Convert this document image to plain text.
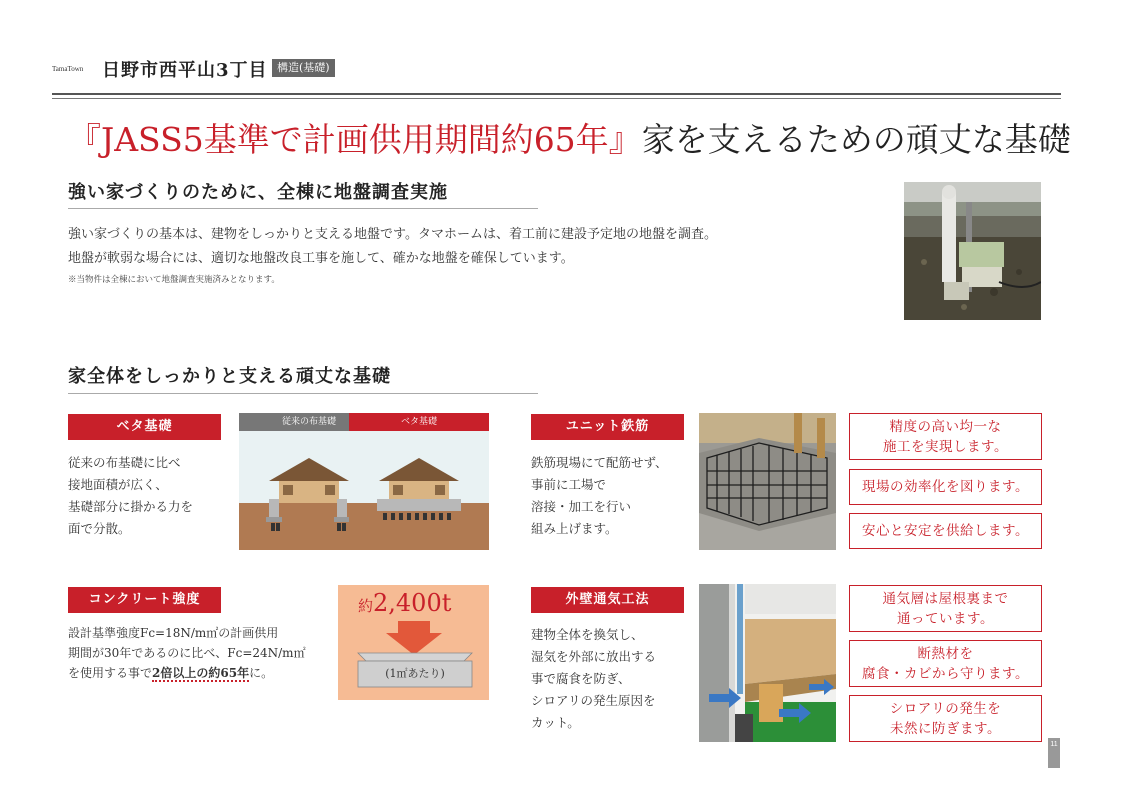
TamaTown 日野市西平山3丁目 構造(基礎)
『JASS5基準で計画供用期間約65年』家を支えるための頑丈な基礎
強い家づくりのために、全棟に地盤調査実施
強い家づくりの基本は、建物をしっかりと支える地盤です。タマホームは、着工前に建設予定地の地盤を調査。
地盤が軟弱な場合には、適切な地盤改良工事を施して、確かな地盤を確保しています。
※当物件は全棟において地盤調査実施済みとなります。
家全体をしっかりと支える頑丈な基礎
ベタ基礎
従来の布基礎に比べ
接地面積が広く、
基礎部分に掛かる力を
面で分散。
従来の布基礎	ベタ基礎
コンクリート強度
設計基準強度Fc=18N/m㎡の計画供用
期間が30年であるのに比べ、Fc=24N/m㎡
を使用する事で2倍以上の約65年に。
約2,400t
(1㎡あたり)
ユニット鉄筋
鉄筋現場にて配筋せず、
事前に工場で
溶接・加工を行い
組み上げます。
精度の高い均一な
施工を実現します。
現場の効率化を図ります。
安心と安定を供給します。
外壁通気工法
建物全体を換気し、
湿気を外部に放出する
事で腐食を防ぎ、
シロアリの発生原因を
カット。
通気層は屋根裏まで
通っています。
断熱材を
腐食・カビから守ります。
シロアリの発生を
未然に防ぎます。
11
